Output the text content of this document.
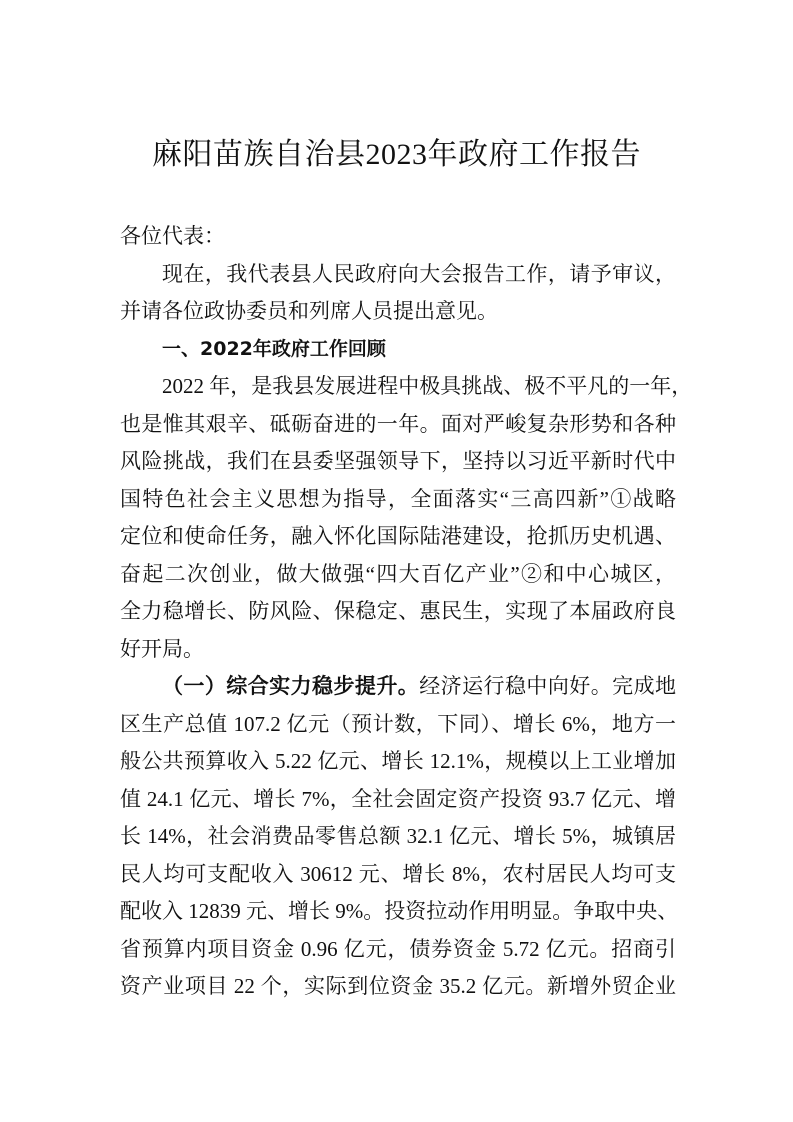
麻阳苗族自治县2023年政府工作报告
各位代表：
现在，我代表县人民政府向大会报告工作，请予审议，
并请各位政协委员和列席人员提出意见。
一、2022年政府工作回顾
2022 年，是我县发展进程中极具挑战、极不平凡的一年，
也是惟其艰辛、砥砺奋进的一年。面对严峻复杂形势和各种
风险挑战，我们在县委坚强领导下，坚持以习近平新时代中
国特色社会主义思想为指导，全面落实“三高四新”①战略
定位和使命任务，融入怀化国际陆港建设，抢抓历史机遇、
奋起二次创业，做大做强“四大百亿产业”②和中心城区，
全力稳增长、防风险、保稳定、惠民生，实现了本届政府良
好开局。
（一）综合实力稳步提升。经济运行稳中向好。完成地
区生产总值 107.2 亿元（预计数，下同）、增长 6%，地方一
般公共预算收入 5.22 亿元、增长 12.1%，规模以上工业增加
值 24.1 亿元、增长 7%，全社会固定资产投资 93.7 亿元、增
长 14%，社会消费品零售总额 32.1 亿元、增长 5%，城镇居
民人均可支配收入 30612 元、增长 8%，农村居民人均可支
配收入 12839 元、增长 9%。投资拉动作用明显。争取中央、
省预算内项目资金 0.96 亿元，债券资金 5.72 亿元。招商引
资产业项目 22 个，实际到位资金 35.2 亿元。新增外贸企业
